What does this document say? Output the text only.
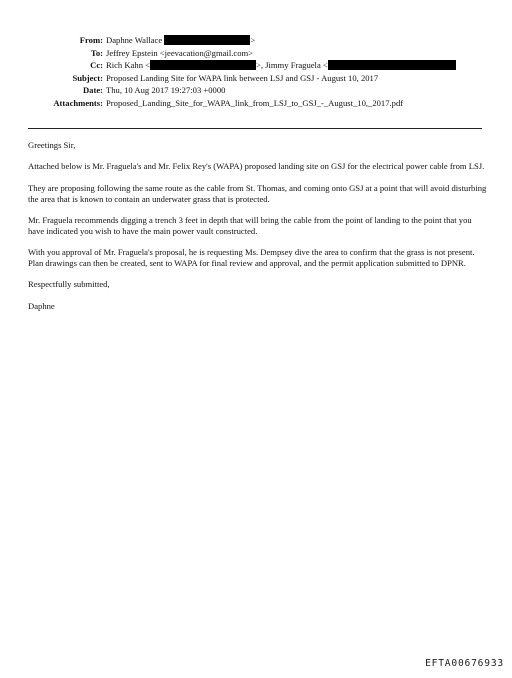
From: Daphne Wallace	>
To: Jeffrey Epstein <jeevacation@gmail.com>
Cc: Rich Kahn <	>, Jimmy Fraguela <
Subject: Proposed Landing Site for WAPA link between LSJ and GSJ - August 10, 2017
Date: Thu, 10 Aug 2017 19:27:03 +0000
Attachments: Proposed_Landing_Site_for_WAPA_link_from_LSJ_to_GSJ_-_August_10,_2017.pdf

Greetings Sir,

Attached below is Mr. Fraguela's and Mr. Felix Rey's (WAPA) proposed landing site on GSJ for the electrical power cable from LSJ.

They are proposing following the same route as the cable from St. Thomas, and coming onto GSJ at a point that will avoid disturbing the area that is known to contain an underwater grass that is protected.

Mr. Fraguela recommends digging a trench 3 feet in depth that will bring the cable from the point of landing to the point that you have indicated you wish to have the main power vault constructed.

With you approval of Mr. Fraguela's proposal, he is requesting Ms. Dempsey dive the area to confirm that the grass is not present. Plan drawings can then be created, sent to WAPA for final review and approval, and the permit application submitted to DPNR.

Respectfully submitted,

Daphne

EFTA00676933
